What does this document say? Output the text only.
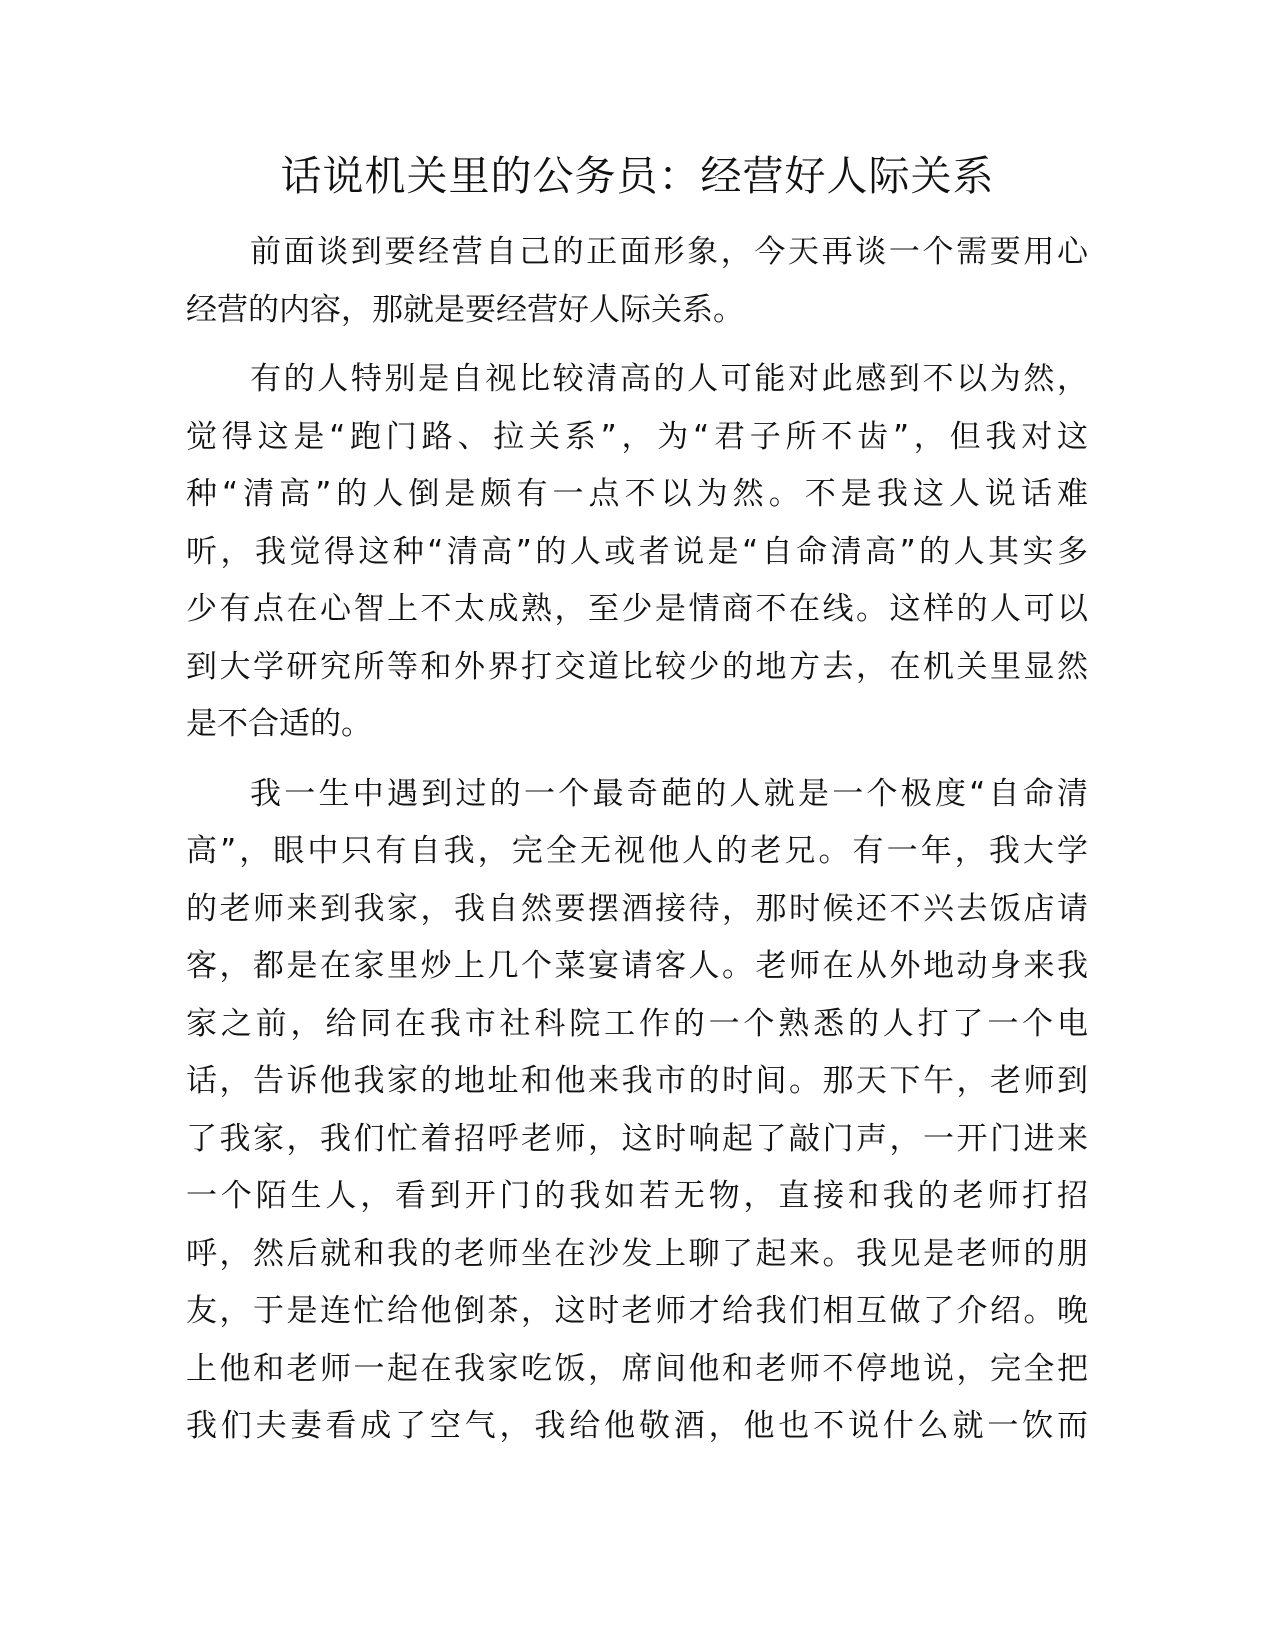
话说机关里的公务员：经营好人际关系

前面谈到要经营自己的正面形象，今天再谈一个需要用心
经营的内容，那就是要经营好人际关系。

有的人特别是自视比较清高的人可能对此感到不以为然，
觉得这是“跑门路、拉关系”，为“君子所不齿”，但我对这
种“清高”的人倒是颇有一点不以为然。不是我这人说话难
听，我觉得这种“清高”的人或者说是“自命清高”的人其实多
少有点在心智上不太成熟，至少是情商不在线。这样的人可以
到大学研究所等和外界打交道比较少的地方去，在机关里显然
是不合适的。

我一生中遇到过的一个最奇葩的人就是一个极度“自命清
高”，眼中只有自我，完全无视他人的老兄。有一年，我大学
的老师来到我家，我自然要摆酒接待，那时候还不兴去饭店请
客，都是在家里炒上几个菜宴请客人。老师在从外地动身来我
家之前，给同在我市社科院工作的一个熟悉的人打了一个电
话，告诉他我家的地址和他来我市的时间。那天下午，老师到
了我家，我们忙着招呼老师，这时响起了敲门声，一开门进来
一个陌生人，看到开门的我如若无物，直接和我的老师打招
呼，然后就和我的老师坐在沙发上聊了起来。我见是老师的朋
友，于是连忙给他倒茶，这时老师才给我们相互做了介绍。晚
上他和老师一起在我家吃饭，席间他和老师不停地说，完全把
我们夫妻看成了空气，我给他敬酒，他也不说什么就一饮而
